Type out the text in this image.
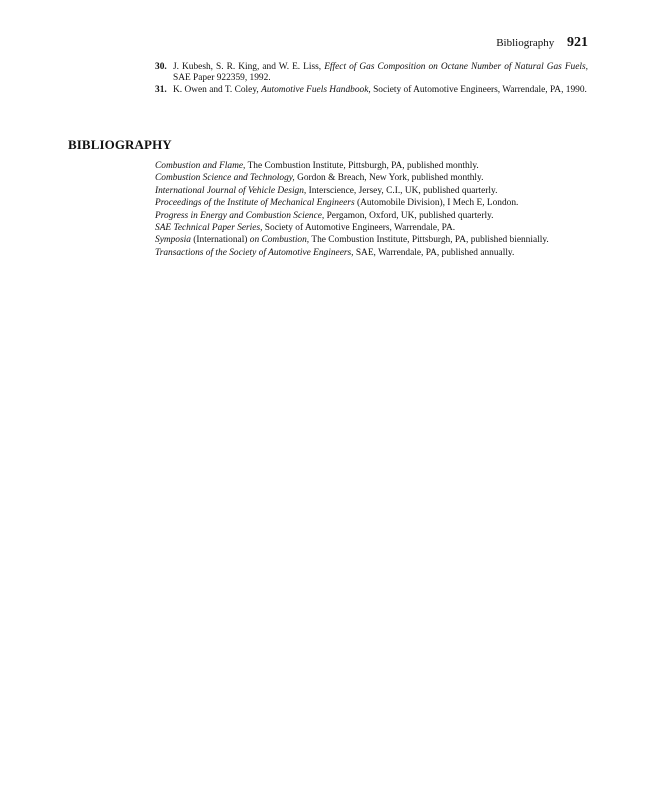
Bibliography 921
30. J. Kubesh, S. R. King, and W. E. Liss, Effect of Gas Composition on Octane Number of Natural Gas Fuels, SAE Paper 922359, 1992.
31. K. Owen and T. Coley, Automotive Fuels Handbook, Society of Automotive Engineers, Warrendale, PA, 1990.
BIBLIOGRAPHY
Combustion and Flame, The Combustion Institute, Pittsburgh, PA, published monthly.
Combustion Science and Technology, Gordon & Breach, New York, published monthly.
International Journal of Vehicle Design, Interscience, Jersey, C.I., UK, published quarterly.
Proceedings of the Institute of Mechanical Engineers (Automobile Division), I Mech E, London.
Progress in Energy and Combustion Science, Pergamon, Oxford, UK, published quarterly.
SAE Technical Paper Series, Society of Automotive Engineers, Warrendale, PA.
Symposia (International) on Combustion, The Combustion Institute, Pittsburgh, PA, published biennially.
Transactions of the Society of Automotive Engineers, SAE, Warrendale, PA, published annually.
